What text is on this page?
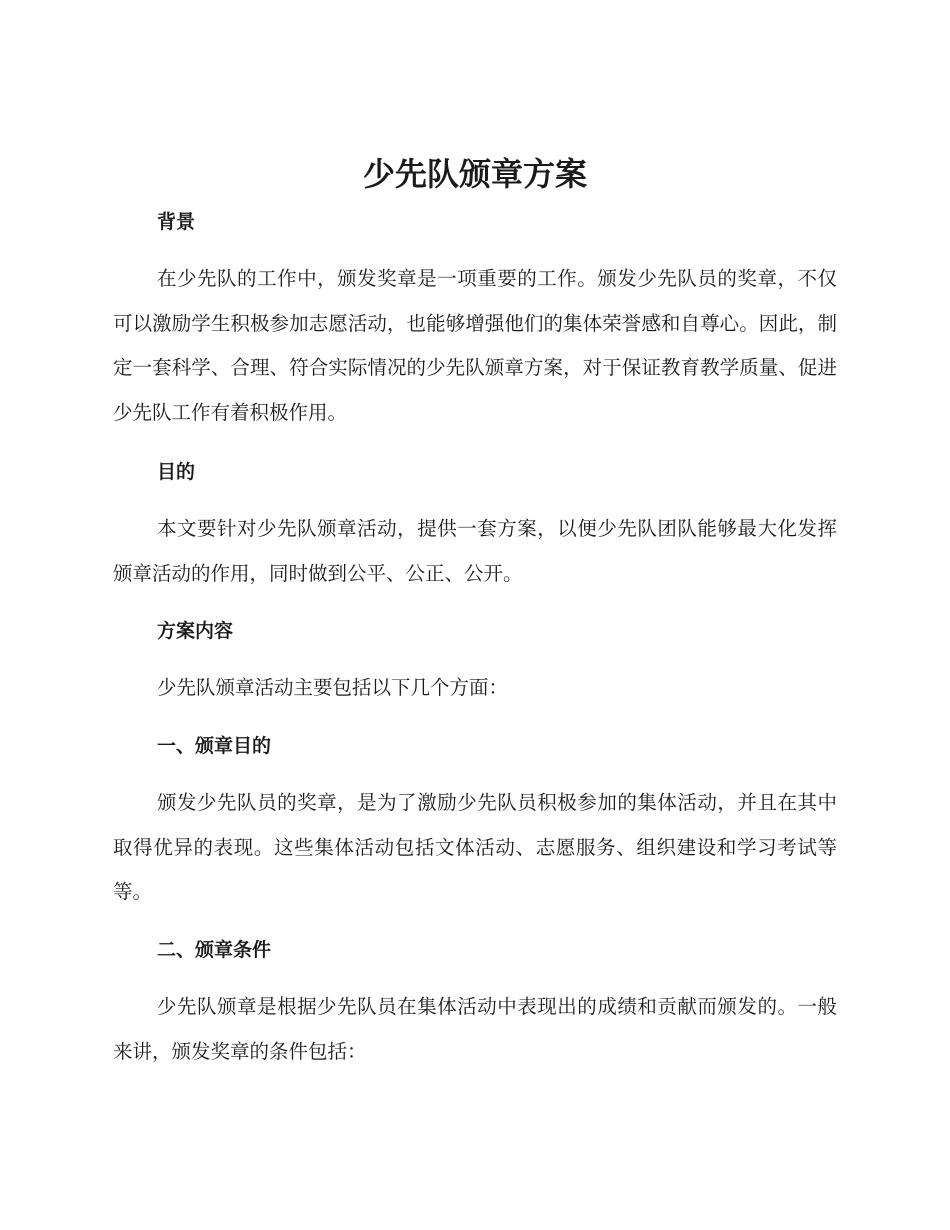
少先队颁章方案
背景

在少先队的工作中，颁发奖章是一项重要的工作。颁发少先队员的奖章，不仅可以激励学生积极参加志愿活动，也能够增强他们的集体荣誉感和自尊心。因此，制定一套科学、合理、符合实际情况的少先队颁章方案，对于保证教育教学质量、促进少先队工作有着积极作用。

目的

本文要针对少先队颁章活动，提供一套方案，以便少先队团队能够最大化发挥颁章活动的作用，同时做到公平、公正、公开。

方案内容

少先队颁章活动主要包括以下几个方面：

一、颁章目的

颁发少先队员的奖章，是为了激励少先队员积极参加的集体活动，并且在其中取得优异的表现。这些集体活动包括文体活动、志愿服务、组织建设和学习考试等等。

二、颁章条件

少先队颁章是根据少先队员在集体活动中表现出的成绩和贡献而颁发的。一般来讲，颁发奖章的条件包括：
